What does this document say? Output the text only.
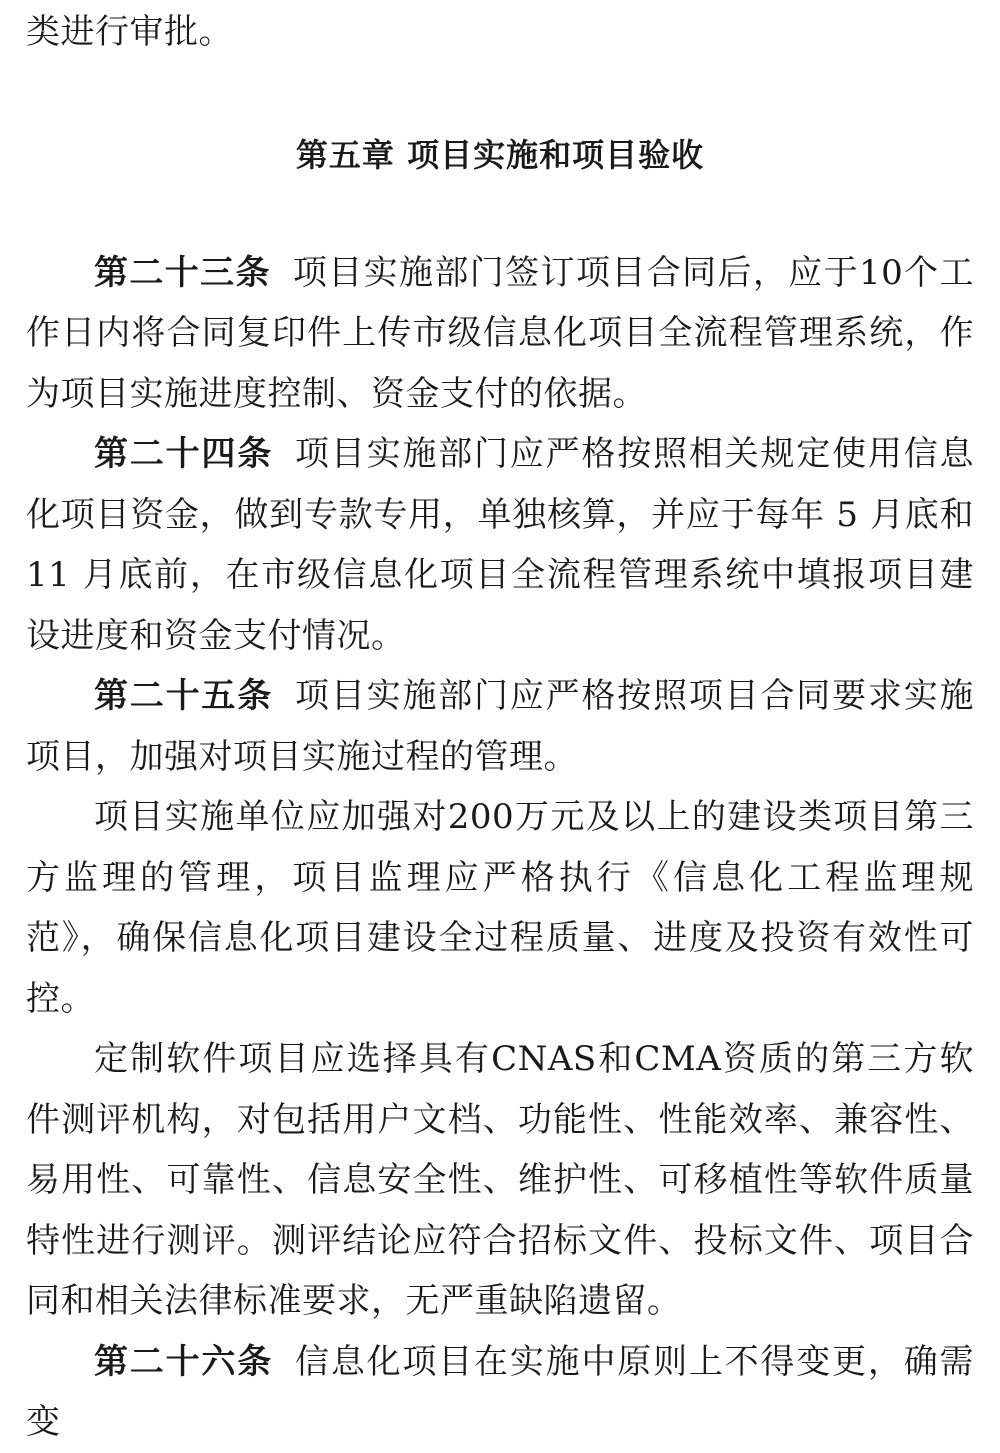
类进行审批。

第五章 项目实施和项目验收

第二十三条 项目实施部门签订项目合同后，应于10个工作日内将合同复印件上传市级信息化项目全流程管理系统，作为项目实施进度控制、资金支付的依据。

第二十四条 项目实施部门应严格按照相关规定使用信息化项目资金，做到专款专用，单独核算，并应于每年 5 月底和 11 月底前，在市级信息化项目全流程管理系统中填报项目建设进度和资金支付情况。

第二十五条 项目实施部门应严格按照项目合同要求实施项目，加强对项目实施过程的管理。

项目实施单位应加强对200万元及以上的建设类项目第三方监理的管理，项目监理应严格执行《信息化工程监理规范》，确保信息化项目建设全过程质量、进度及投资有效性可控。

定制软件项目应选择具有CNAS和CMA资质的第三方软件测评机构，对包括用户文档、功能性、性能效率、兼容性、易用性、可靠性、信息安全性、维护性、可移植性等软件质量特性进行测评。测评结论应符合招标文件、投标文件、项目合同和相关法律标准要求，无严重缺陷遗留。

第二十六条 信息化项目在实施中原则上不得变更，确需变
